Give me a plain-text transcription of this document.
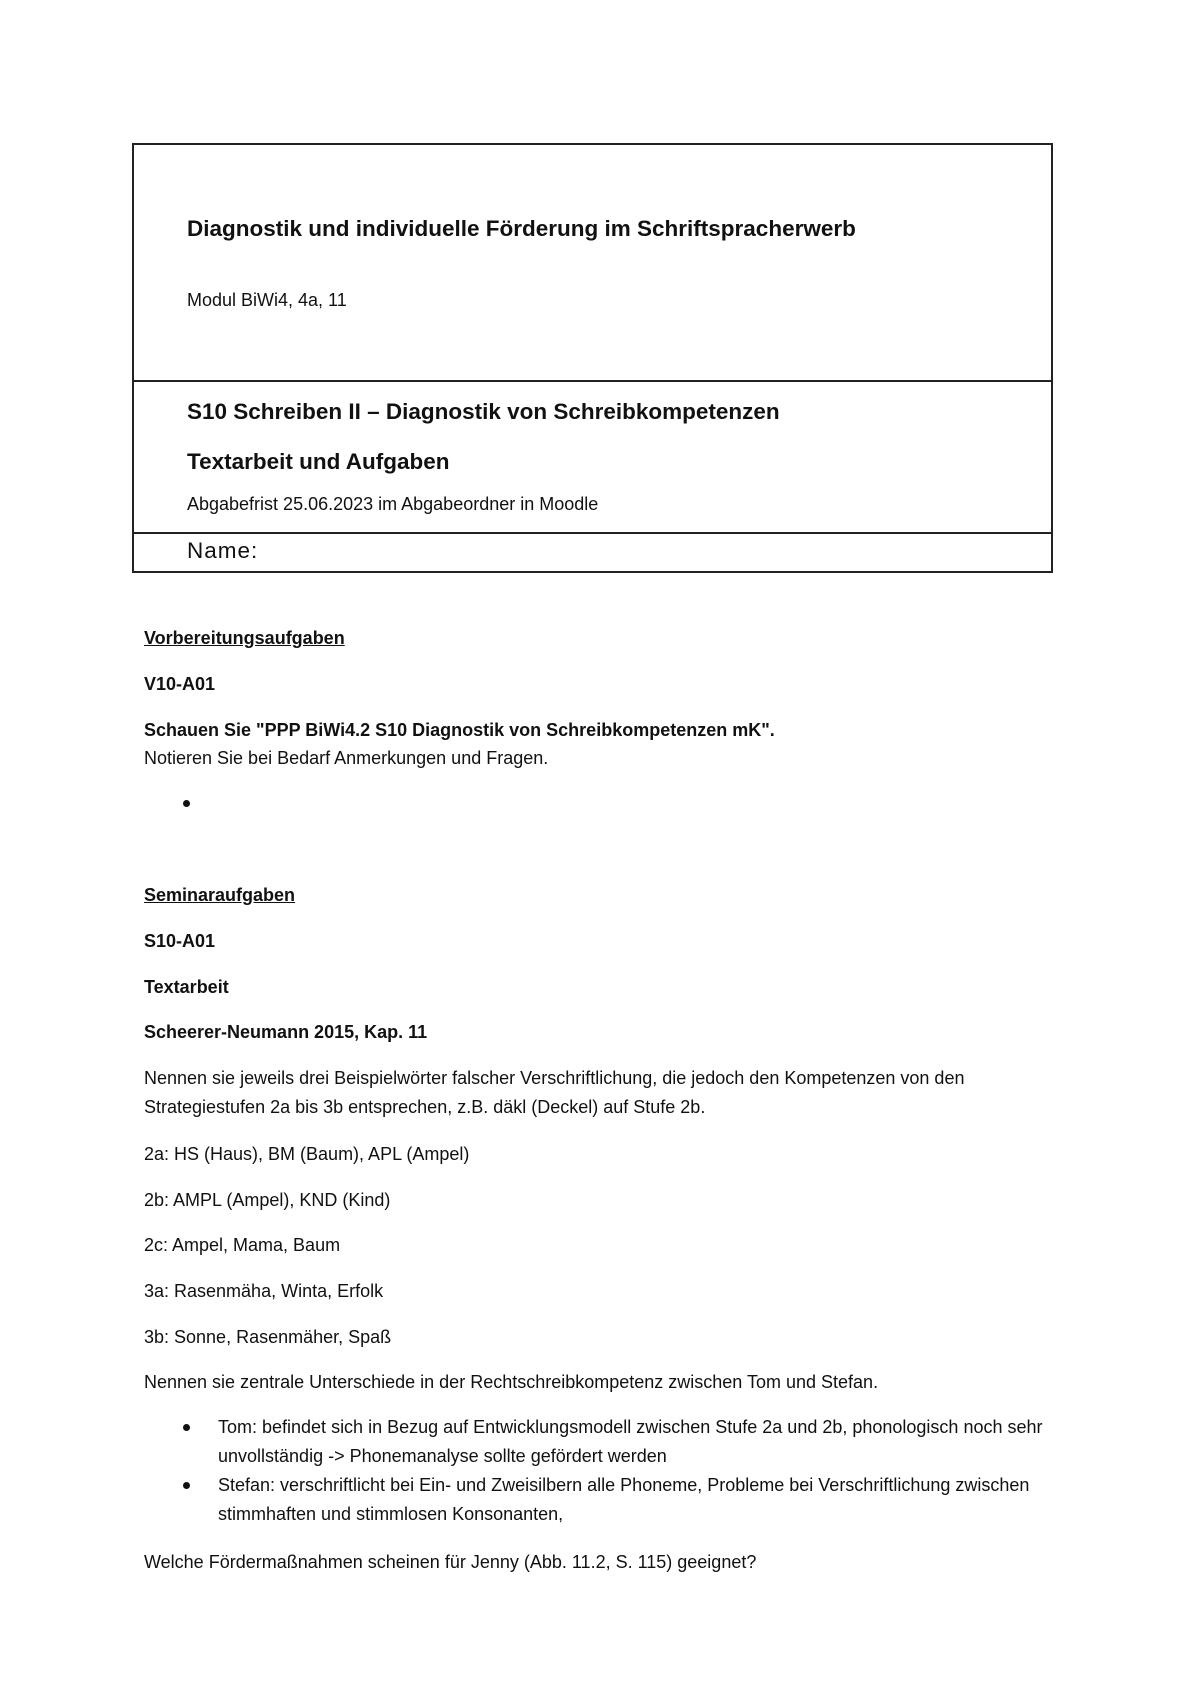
Diagnostik und individuelle Förderung im Schriftspracherwerb
Modul BiWi4, 4a, 11
S10 Schreiben II – Diagnostik von Schreibkompetenzen
Textarbeit und Aufgaben
Abgabefrist 25.06.2023 im Abgabeordner in Moodle
Name:
Vorbereitungsaufgaben
V10-A01
Schauen Sie "PPP BiWi4.2 S10 Diagnostik von Schreibkompetenzen mK".
Notieren Sie bei Bedarf Anmerkungen und Fragen.
Seminaraufgaben
S10-A01
Textarbeit
Scheerer-Neumann 2015, Kap. 11
Nennen sie jeweils drei Beispielwörter falscher Verschriftlichung, die jedoch den Kompetenzen von den Strategiestufen 2a bis 3b entsprechen, z.B. däkl (Deckel) auf Stufe 2b.
2a: HS (Haus), BM (Baum), APL (Ampel)
2b: AMPL (Ampel), KND (Kind)
2c: Ampel, Mama, Baum
3a: Rasenmäha, Winta, Erfolk
3b: Sonne, Rasenmäher, Spaß
Nennen sie zentrale Unterschiede in der Rechtschreibkompetenz zwischen Tom und Stefan.
Tom: befindet sich in Bezug auf Entwicklungsmodell zwischen Stufe 2a und 2b, phonologisch noch sehr unvollständig -> Phonemanalyse sollte gefördert werden
Stefan: verschriftlicht bei Ein- und Zweisilbern alle Phoneme, Probleme bei Verschriftlichung zwischen stimmhaften und stimmlosen Konsonanten,
Welche Fördermaßnahmen scheinen für Jenny (Abb. 11.2, S. 115) geeignet?
